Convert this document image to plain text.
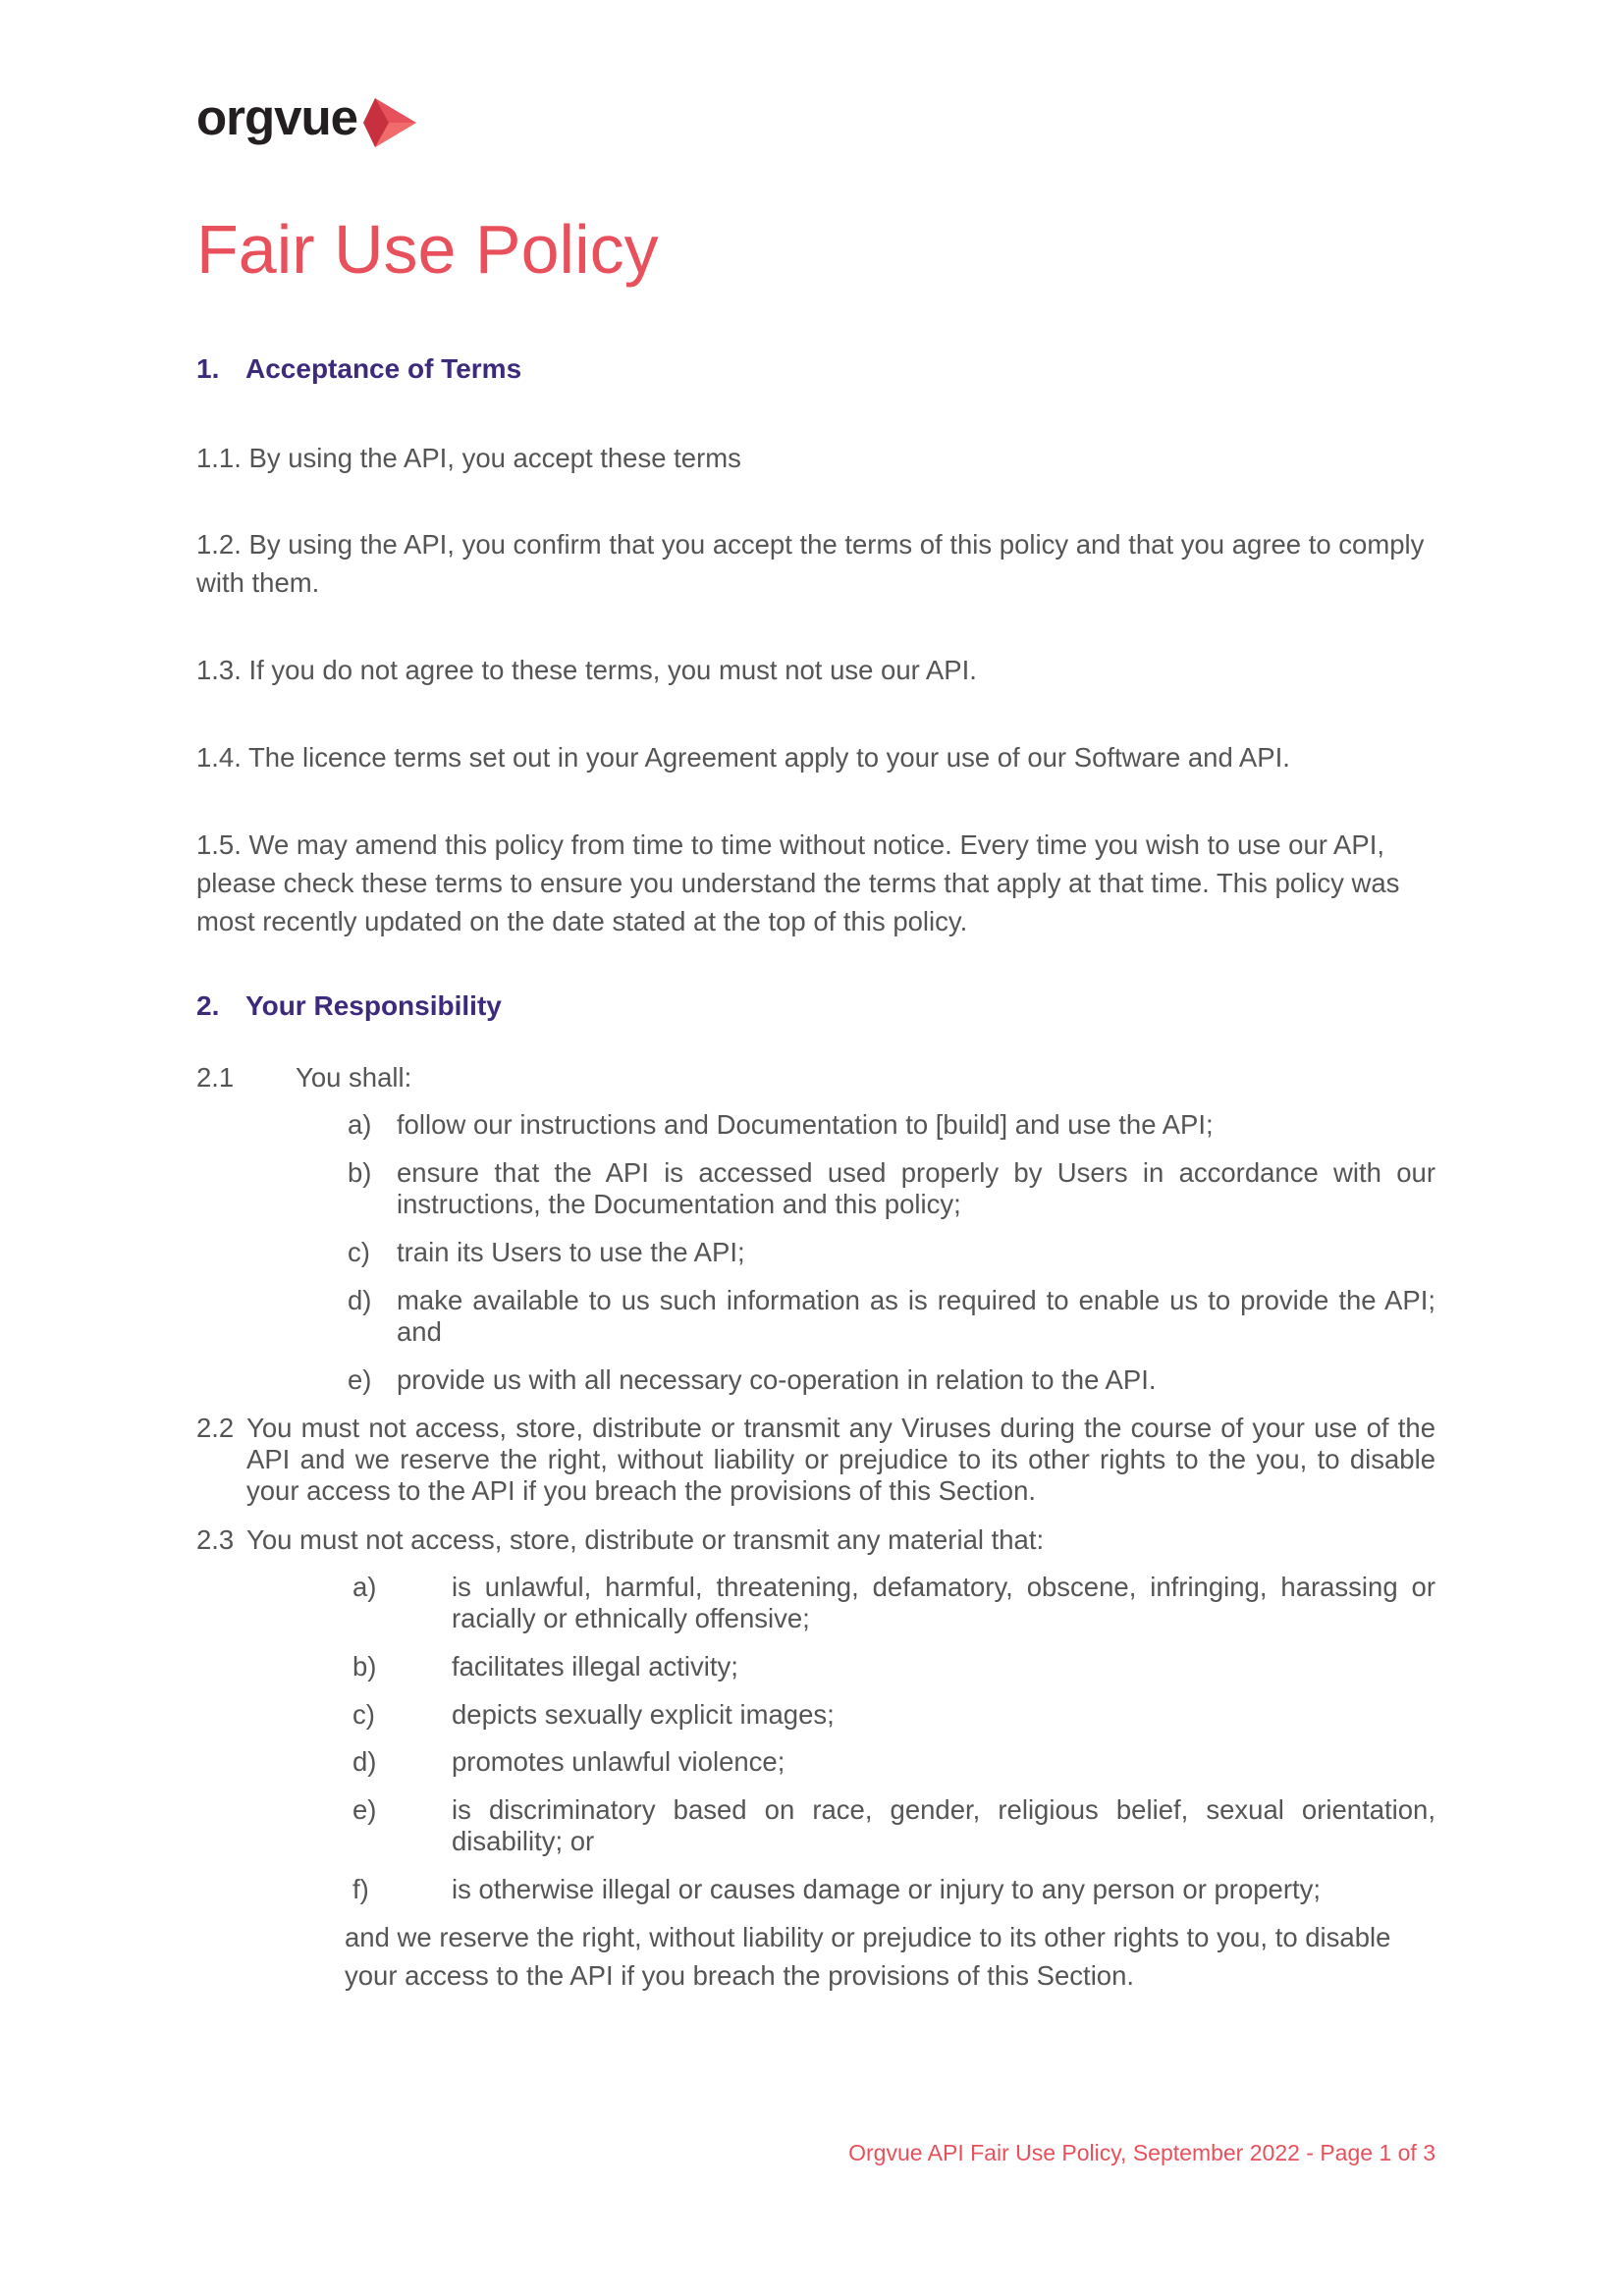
orgvue
Fair Use Policy
1. Acceptance of Terms
1.1. By using the API, you accept these terms
1.2. By using the API, you confirm that you accept the terms of this policy and that you agree to comply with them.
1.3. If you do not agree to these terms, you must not use our API.
1.4. The licence terms set out in your Agreement apply to your use of our Software and API.
1.5. We may amend this policy from time to time without notice. Every time you wish to use our API, please check these terms to ensure you understand the terms that apply at that time. This policy was most recently updated on the date stated at the top of this policy.
2. Your Responsibility
2.1 You shall:
a) follow our instructions and Documentation to [build] and use the API;
b) ensure that the API is accessed used properly by Users in accordance with our instructions, the Documentation and this policy;
c) train its Users to use the API;
d) make available to us such information as is required to enable us to provide the API; and
e) provide us with all necessary co-operation in relation to the API.
2.2 You must not access, store, distribute or transmit any Viruses during the course of your use of the API and we reserve the right, without liability or prejudice to its other rights to the you, to disable your access to the API if you breach the provisions of this Section.
2.3 You must not access, store, distribute or transmit any material that:
a)	is unlawful, harmful, threatening, defamatory, obscene, infringing, harassing or racially or ethnically offensive;
b)	facilitates illegal activity;
c)	depicts sexually explicit images;
d)	promotes unlawful violence;
e)	is discriminatory based on race, gender, religious belief, sexual orientation, disability; or
f)	is otherwise illegal or causes damage or injury to any person or property;
and we reserve the right, without liability or prejudice to its other rights to you, to disable your access to the API if you breach the provisions of this Section.
Orgvue API Fair Use Policy, September 2022 - Page 1 of 3
